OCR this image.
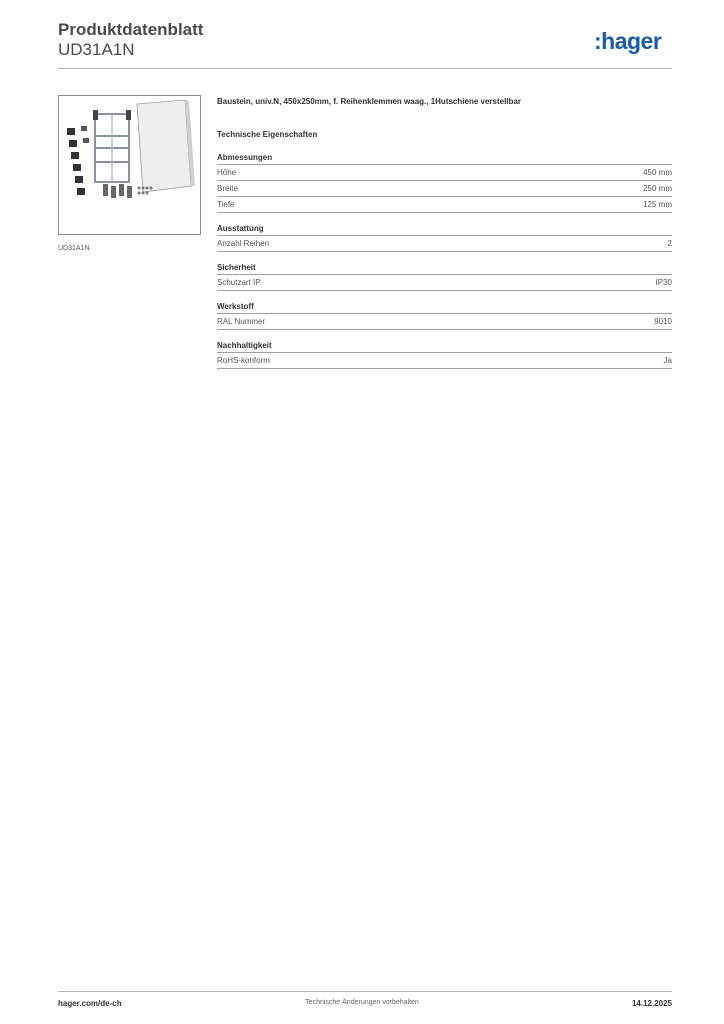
Produktdatenblatt
UD31A1N	:hager
UD31A1N
Baustein, univ.N, 450x250mm, f. Reihenklemmen waag., 1Hutschiene verstellbar
Technische Eigenschaften
Abmessungen
Höhe	450 mm
Breite	250 mm
Tiefe	125 mm
Ausstattung
Anzahl Reihen	2
Sicherheit
Schutzart IP	IP30
Werkstoff
RAL Nummer	9010
Nachhaltigkeit
RoHS-konform	Ja
hager.com/de-ch	Technische Änderungen vorbehalten	14.12.2025
